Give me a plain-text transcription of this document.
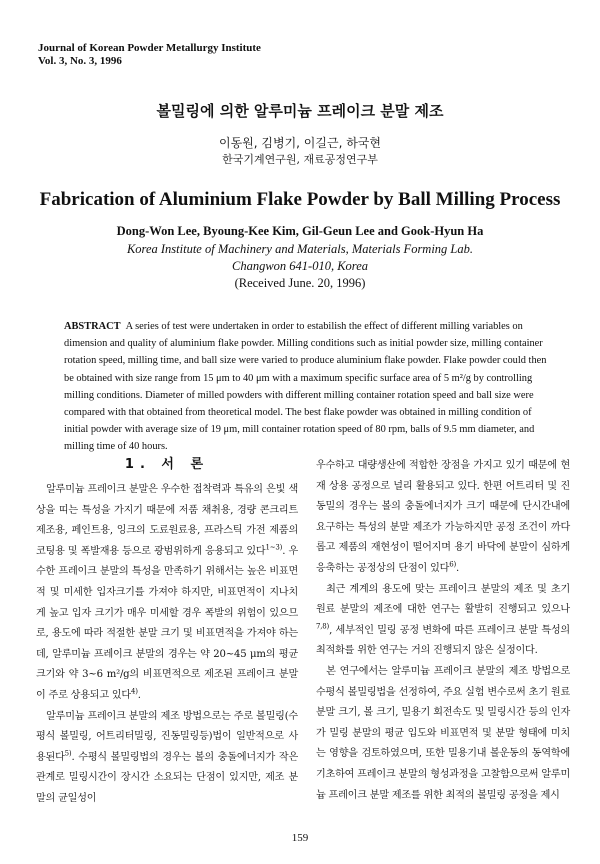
Journal of Korean Powder Metallurgy Institute
Vol. 3, No. 3, 1996
볼밀링에 의한 알루미늄 프레이크 분말 제조
이동원, 김병기, 이길근, 하국현
한국기계연구원, 재료공정연구부
Fabrication of Aluminium Flake Powder by Ball Milling Process
Dong-Won Lee, Byoung-Kee Kim, Gil-Geun Lee and Gook-Hyun Ha
Korea Institute of Machinery and Materials, Materials Forming Lab.
Changwon 641-010, Korea
(Received June. 20, 1996)

ABSTRACT A series of test were undertaken in order to estabilish the effect of different milling variables on dimension and quality of aluminium flake powder. Milling conditions such as initial powder size, milling container rotation speed, milling time, and ball size were varied to produce aluminium flake powder. Flake powder could then be obtained with size range from 15 μm to 40 μm with a maximum specific surface area of 5 m²/g by controlling milling conditions. Diameter of milled powders with different milling container rotation speed and ball size were compared with that obtained from theoretical model. The best flake powder was obtained in milling condition of initial powder with average size of 19 μm, mill container rotation speed of 80 rpm, balls of 9.5 mm diameter, and milling time of 40 hours.

1. 서 론

알루미늄 프레이크 분말은 우수한 접착력과 특유의 은빛 색상을 띠는 특성을 가지기 때문에 저품 채취용, 경량 콘크리트 제조용, 페인트용, 잉크의 도료원료용, 프라스틱 가전 제품의 코팅용 및 폭발재용 등으로 광범위하게 응용되고 있다$^{1\sim 3)}$. 우수한 프레이크 분말의 특성을 만족하기 위해서는 높은 비표면적 및 미세한 입자크기를 가져야 하지만, 비표면적이 지나치게 높고 입자 크기가 매우 미세할 경우 폭발의 위험이 있으므로, 용도에 따라 적절한 분말 크기 및 비표면적을 가져야 하는데, 알루미늄 프레이크 분말의 경우는 약 20~45 μm의 평균 크기와 약 3~6 m²/g의 비표면적으로 제조된 프레이크 분말이 주로 상용되고 있다$^{4)}$.

알루미늄 프레이크 분말의 제조 방법으로는 주로 볼밀링(수평식 볼밀링, 어트리터밀링, 진동밀링등)법이 일반적으로 사용된다$^{5)}$. 수평식 볼밀링법의 경우는 볼의 충돌에너지가 작은 관계로 밀링시간이 장시간 소요되는 단점이 있지만, 제조 분말의 균일성이

우수하고 대량생산에 적합한 장점을 가지고 있기 때문에 현재 상용 공정으로 널리 활용되고 있다. 한편 어트리터 및 진동밀의 경우는 볼의 충돌에너지가 크기 때문에 단시간내에 요구하는 특성의 분말 제조가 가능하지만 공정 조건이 까다롭고 제품의 재현성이 떨어지며 용기 바닥에 분말이 심하게 응축하는 공정상의 단점이 있다$^{6)}$.

최근 계계의 용도에 맞는 프레이크 분말의 제조 및 초기 원료 분말의 제조에 대한 연구는 활발히 진행되고 있으나$^{7,8)}$, 세부적인 밀링 공정 변화에 따른 프레이크 분말 특성의 최적화를 위한 연구는 거의 진행되지 않은 실정이다.

본 연구에서는 알루미늄 프레이크 분말의 제조 방법으로 수평식 볼밀링법을 선정하여, 주요 실험 변수로써 초기 원료분말 크기, 볼 크기, 밀용기 회전속도 및 밀링시간 등의 인자가 밀링 분말의 평균 입도와 비표면적 및 분말 형태에 미치는 영향을 검토하였으며, 또한 밀용기내 볼운동의 동역학에 기초하여 프레이크 분말의 형성과정을 고찰함으로써 알루미늄 프레이크 분말 제조를 위한 최적의 볼밀링 공정을 제시

159
